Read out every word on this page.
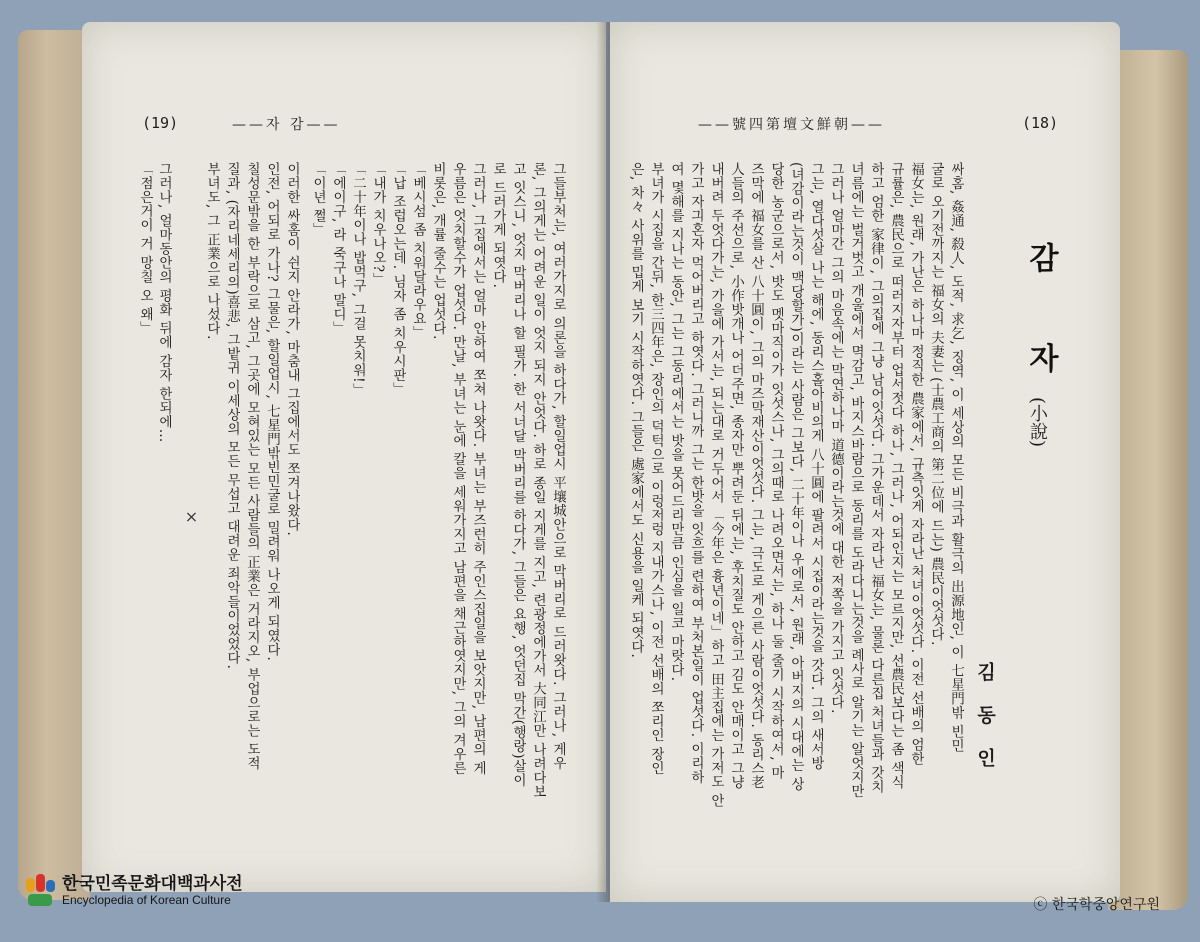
(19)	——자 감——
그러나, 얼마동안의 평화 뒤에 감자 한되에…
「점은거이 거 망칠 오 왜」
×
부녀도, 그 正業으로 나섰다. 질과, (자리네세리의)喜悲, 그밭귀 이세상의 모든 무섭고 대려운 죄악들이었었다. 칠성문밖을 한 부락으로 삼고, 그곳에 모혀있는 모든 사람들의 正業은 거라지오, 부업으로는 도적 인전, 어되로 가나? 그물은, 할일업시, 七星門밖빈민굴로 밀려워 나오게 되였다. 이러한 싸홈이 쉰지 안라가, 마춤내 그집에서도 쪼겨나왔다. 「이년 쩔」 「에이구, 라 죽구나 말디」 「二十年이나 밥먹구, 그걸 못치워!」 「내가 치우나오?」 「납 조럽오는데. 님자 좀 치우시판」 「베시섬 좀 치워달라우요」 비롯은, 개률 줄수는 업섯다. 우름은 엇치할수가 업섯다. 만날, 부녀는 눈에 칼을 세워가지고 남편을 채근하엿지만, 그의 겨우른 그러나, 그집에서는 얼마 안하여 쪼쳐 나왓다. 부녀는 부즈런히 주인스집일을 보앗지만, 남편의 게 로 드러가게 되엿다. 고 잇스니, 엇지 막버리나 할 필가. 한 서너달 막버리를 하다가, 그들은 요행, 엇던집 막간(행랑)살이 론, 그의게는 어려운 일이 엇지 되지 안엇다. 하로 종일 지게를 지고, 련광정에가서 大同江만 나려다보 그들부처는, 여러가지로 의론을 하다가, 할일업시 平壤城안으로 막버리로 드러왓다. 그러나, 게우
——號四第壇文鮮朝——	(18)
은, 차々 사위를 밉게 보기 시작하엿다. 그들은 處家에서도 신용을 일케 되엿다. 부녀가 시집을 간뒤, 한三四年은, 장인의 덕턱으로 이렁저렁 지내가스나, 이전 선배의 쪼리인 장인 여 몇해를 지나는 동안, 그는 그동리에서는 밧을 못어드리만큼 인심을 일코 마랏다. 가고 자긔혼자 먹어버리고 하엿다. 그러니까 그는 한밧을 잇흐를 련하여 부처본일이 업섯다. 이리하 내버려 두엇다가는, 가을에 가서는, 되는대로 거두어서 「今年은 흉년이네」하고 田主집에는 가저도 안 人들의 주선으로, 小作밧개나 어더주면, 종자만 뿌려둔 뒤에는, 후치질도 안하고 김도 안매이고 그냥 즈막에 福女를 산 八十圓이, 그의 마즈막재산이엇섯다. 그는, 극도로 게으른 사람이엇섯다. 동리스老 당한 농군으로서, 밧도 멧마직이가 잇섯스나, 그의때로 나려오면서는, 하나 둘 줄기 시작하여서, 마 (녀감이라는것이 맥당할가)이라는 사람은 그보다, 二十年이나 우에로서, 원래, 아버지의 시대에는 상 그는, 열다섯살 나는 해에, 동리스홀아비의게 八十圓에 팔려서 시집이라는것을 갓다. 그의 새서방 그러나 얼마간 그의 마음속에는 막연하나마 道德이라는것에 대한 저쪽을 가지고 잇섯다. 녀름에는 벌거벗고 개울에서 멱감고, 바지스바람으로 동리를 도라다니는것을 례사로 알기는 알엇지만 하고 엄한 家律이, 그의집에 그냥 남어잇섯다. 그가운데서 자라난 福女는, 물론 다른집 처녀들과 갓치 규률은, 農民으로 떠러지자부터 업서젓다 하나, 그러나, 어되인지는 모르지만, 선農民보다는 좀 색식 福女는, 원래, 가난은 하나마 정직한 農家에서, 규측잇게 자라난 처녀이엇섯다. 이전 선배의 엄한 굴로 오기전까지는 福女의 夫妻는 (士農工商의 第二位에 드는) 農民이엇섯다. 싸홈, 姦通, 殺人, 도적, 求乞, 징역, 이 세상의 모든 비극과 활극의 出源地인, 이 七星門밖 빈민 감 자
(小說)
김동인
한국민족문화대백과사전
Encyclopedia of Korean Culture	ⓒ 한국학중앙연구원
